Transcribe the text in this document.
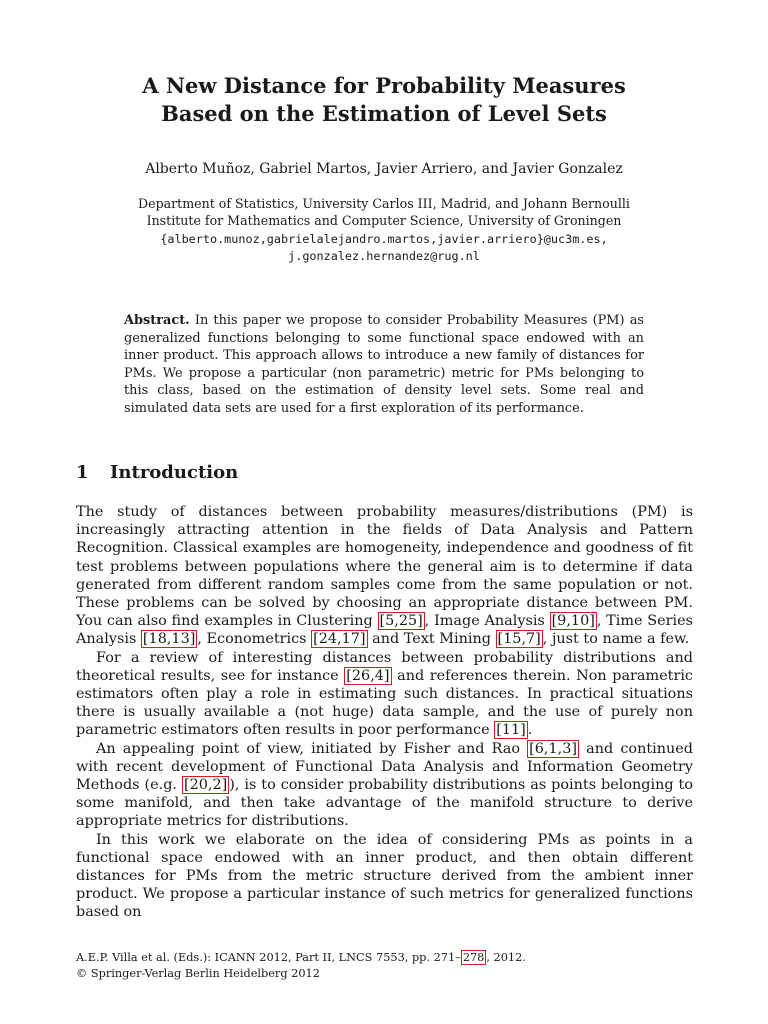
A New Distance for Probability Measures
Based on the Estimation of Level Sets
Alberto Muñoz, Gabriel Martos, Javier Arriero, and Javier Gonzalez
Department of Statistics, University Carlos III, Madrid, and Johann Bernoulli
Institute for Mathematics and Computer Science, University of Groningen
{alberto.munoz,gabrielalejandro.martos,javier.arriero}@uc3m.es,
j.gonzalez.hernandez@rug.nl
Abstract. In this paper we propose to consider Probability Measures (PM) as generalized functions belonging to some functional space endowed with an inner product. This approach allows to introduce a new family of distances for PMs. We propose a particular (non parametric) metric for PMs belonging to this class, based on the estimation of density level sets. Some real and simulated data sets are used for a first exploration of its performance.
1 Introduction

The study of distances between probability measures/distributions (PM) is increasingly attracting attention in the fields of Data Analysis and Pattern Recognition. Classical examples are homogeneity, independence and goodness of fit test problems between populations where the general aim is to determine if data generated from different random samples come from the same population or not. These problems can be solved by choosing an appropriate distance between PM. You can also find examples in Clustering [5,25] , Image Analysis [9,10] , Time Series Analysis [18,13] , Econometrics [24,17] and Text Mining [15,7] , just to name a few.

For a review of interesting distances between probability distributions and theoretical results, see for instance [26,4] and references therein. Non parametric estimators often play a role in estimating such distances. In practical situations there is usually available a (not huge) data sample, and the use of purely non parametric estimators often results in poor performance [11] .

An appealing point of view, initiated by Fisher and Rao [6,1,3] and continued with recent development of Functional Data Analysis and Information Geometry Methods (e.g. [20,2] ), is to consider probability distributions as points belonging to some manifold, and then take advantage of the manifold structure to derive appropriate metrics for distributions.

In this work we elaborate on the idea of considering PMs as points in a functional space endowed with an inner product, and then obtain different distances for PMs from the metric structure derived from the ambient inner product. We propose a particular instance of such metrics for generalized functions based on

A.E.P. Villa et al. (Eds.): ICANN 2012, Part II, LNCS 7553, pp. 271– 278 , 2012.
© Springer-Verlag Berlin Heidelberg 2012
